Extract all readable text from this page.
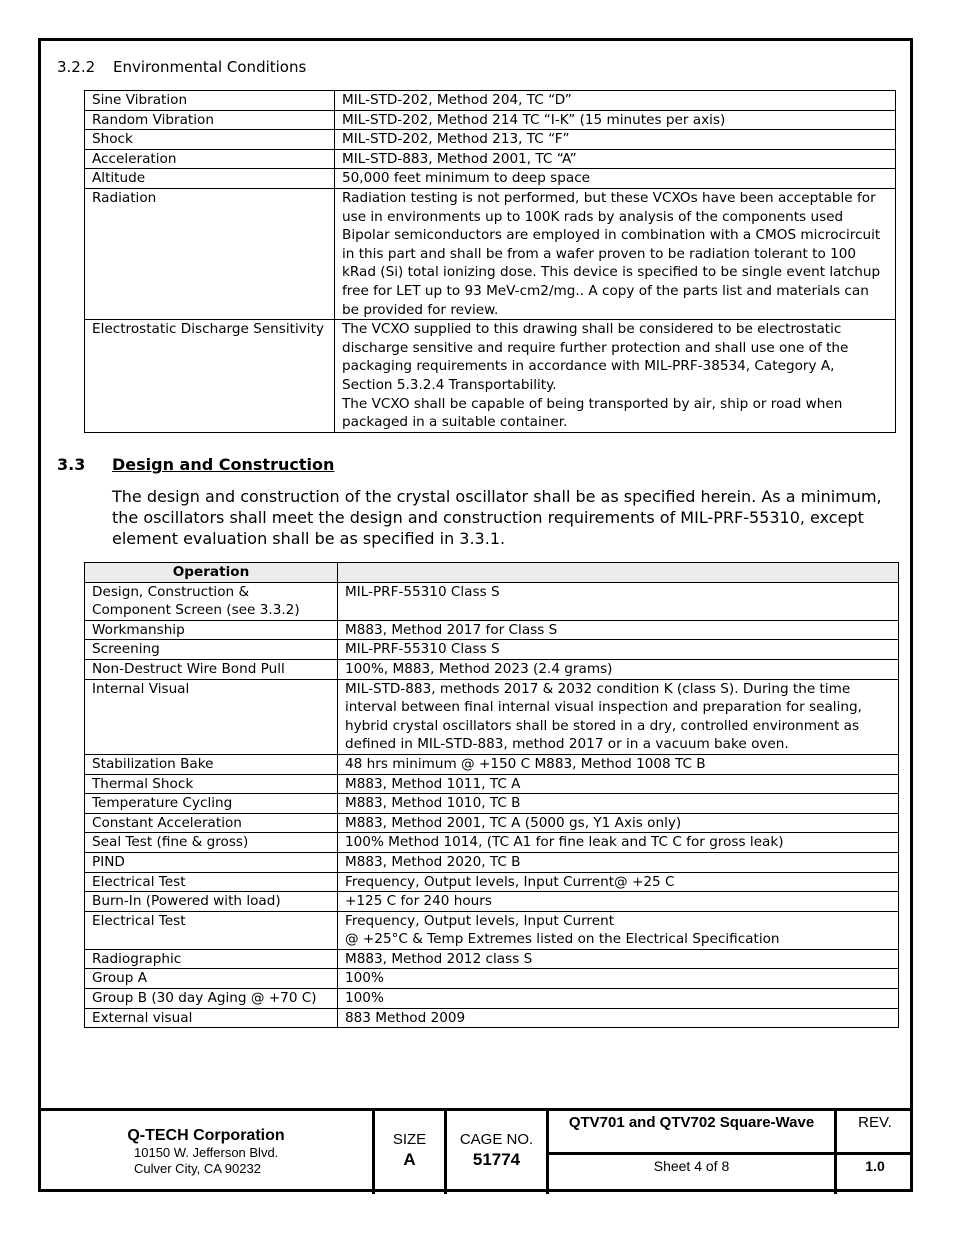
3.2.2 Environmental Conditions
Sine Vibration	MIL-STD-202, Method 204, TC “D”

Random Vibration	MIL-STD-202, Method 214 TC “I-K” (15 minutes per axis)

Shock	MIL-STD-202, Method 213, TC “F”

Acceleration	MIL-STD-883, Method 2001, TC “A”

Altitude	50,000 feet minimum to deep space

Radiation	Radiation testing is not performed, but these VCXOs have been acceptable for use in environments up to 100K rads by analysis of the components used Bipolar semiconductors are employed in combination with a CMOS microcircuit in this part and shall be from a wafer proven to be radiation tolerant to 100 kRad (Si) total ionizing dose. This device is specified to be single event latchup free for LET up to 93 MeV-cm2/mg.. A copy of the parts list and materials can be provided for review.

Electrostatic Discharge Sensitivity	The VCXO supplied to this drawing shall be considered to be electrostatic discharge sensitive and require further protection and shall use one of the packaging requirements in accordance with MIL-PRF-38534, Category A, Section 5.3.2.4 Transportability.
The VCXO shall be capable of being transported by air, ship or road when packaged in a suitable container.
3.3 Design and Construction
The design and construction of the crystal oscillator shall be as specified herein. As a minimum, the oscillators shall meet the design and construction requirements of MIL-PRF-55310, except element evaluation shall be as specified in 3.3.1.
Operation	
Design, Construction & Component Screen (see 3.3.2)	MIL-PRF-55310 Class S

Workmanship	M883, Method 2017 for Class S

Screening	MIL-PRF-55310 Class S

Non-Destruct Wire Bond Pull	100%, M883, Method 2023 (2.4 grams)

Internal Visual	MIL-STD-883, methods 2017 & 2032 condition K (class S). During the time interval between final internal visual inspection and preparation for sealing, hybrid crystal oscillators shall be stored in a dry, controlled environment as defined in MIL-STD-883, method 2017 or in a vacuum bake oven.

Stabilization Bake	48 hrs minimum @ +150 C M883, Method 1008 TC B

Thermal Shock	M883, Method 1011, TC A

Temperature Cycling	M883, Method 1010, TC B

Constant Acceleration	M883, Method 2001, TC A (5000 gs, Y1 Axis only)

Seal Test (fine & gross)	100% Method 1014, (TC A1 for fine leak and TC C for gross leak)

PIND	M883, Method 2020, TC B

Electrical Test	Frequency, Output levels, Input Current@ +25 C

Burn-In (Powered with load)	+125 C for 240 hours

Electrical Test	Frequency, Output levels, Input Current
@ +25°C & Temp Extremes listed on the Electrical Specification

Radiographic	M883, Method 2012 class S

Group A	100%

Group B (30 day Aging @ +70 C)	100%

External visual	883 Method 2009
Q-TECH Corporation
10150 W. Jefferson Blvd.
Culver City, CA 90232
SIZE
A
CAGE NO.
51774
QTV701 and QTV702 Square-Wave	REV.
Sheet 4 of 8	1.0
